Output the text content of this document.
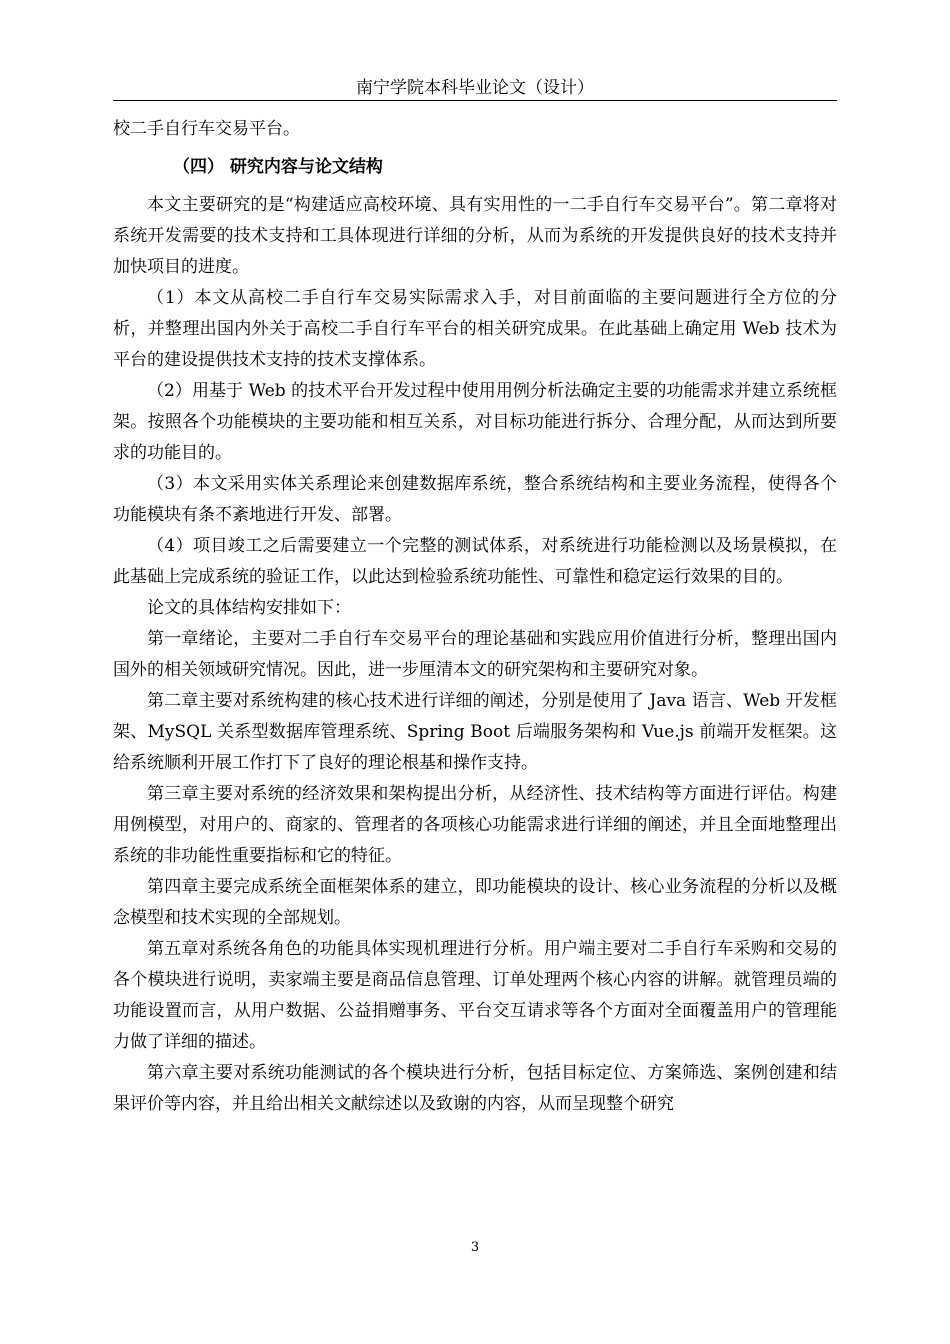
南宁学院本科毕业论文（设计）

校二手自行车交易平台。

（四） 研究内容与论文结构

本文主要研究的是“构建适应高校环境、具有实用性的一二手自行车交易平台”。第二章将对系统开发需要的技术支持和工具体现进行详细的分析，从而为系统的开发提供良好的技术支持并加快项目的进度。

（1）本文从高校二手自行车交易实际需求入手，对目前面临的主要问题进行全方位的分析，并整理出国内外关于高校二手自行车平台的相关研究成果。在此基础上确定用 Web 技术为平台的建设提供技术支持的技术支撑体系。

（2）用基于 Web 的技术平台开发过程中使用用例分析法确定主要的功能需求并建立系统框架。按照各个功能模块的主要功能和相互关系，对目标功能进行拆分、合理分配，从而达到所要求的功能目的。

（3）本文采用实体关系理论来创建数据库系统，整合系统结构和主要业务流程，使得各个功能模块有条不紊地进行开发、部署。

（4）项目竣工之后需要建立一个完整的测试体系，对系统进行功能检测以及场景模拟，在此基础上完成系统的验证工作，以此达到检验系统功能性、可靠性和稳定运行效果的目的。

论文的具体结构安排如下：

第一章绪论，主要对二手自行车交易平台的理论基础和实践应用价值进行分析，整理出国内国外的相关领域研究情况。因此，进一步厘清本文的研究架构和主要研究对象。

第二章主要对系统构建的核心技术进行详细的阐述，分别是使用了 Java 语言、Web 开发框架、MySQL 关系型数据库管理系统、Spring Boot 后端服务架构和 Vue.js 前端开发框架。这给系统顺利开展工作打下了良好的理论根基和操作支持。

第三章主要对系统的经济效果和架构提出分析，从经济性、技术结构等方面进行评估。构建用例模型，对用户的、商家的、管理者的各项核心功能需求进行详细的阐述，并且全面地整理出系统的非功能性重要指标和它的特征。

第四章主要完成系统全面框架体系的建立，即功能模块的设计、核心业务流程的分析以及概念模型和技术实现的全部规划。

第五章对系统各角色的功能具体实现机理进行分析。用户端主要对二手自行车采购和交易的各个模块进行说明，卖家端主要是商品信息管理、订单处理两个核心内容的讲解。就管理员端的功能设置而言，从用户数据、公益捐赠事务、平台交互请求等各个方面对全面覆盖用户的管理能力做了详细的描述。

第六章主要对系统功能测试的各个模块进行分析，包括目标定位、方案筛选、案例创建和结果评价等内容，并且给出相关文献综述以及致谢的内容，从而呈现整个研究

3
